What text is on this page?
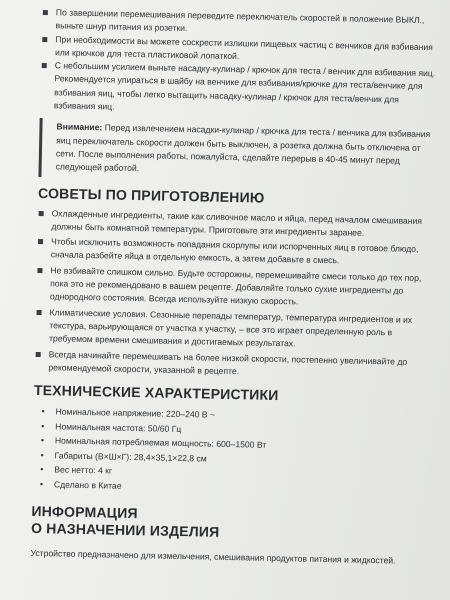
По завершении перемешивания переведите переключатель скоростей в положение ВЫКЛ., выньте шнур питания из розетки.
При необходимости вы можете соскрести излишки пищевых частиц с венчиков для взбивания или крючков для теста пластиковой лопаткой.
С небольшим усилием выньте насадку-кулинар / крючок для теста / венчик для взбивания яиц. Рекомендуется упираться в шайбу на венчике для взбивания/крючке для теста/венчике для взбивания яиц, чтобы легко вытащить насадку-кулинар / крючок для теста/венчик для взбивания яиц.
Внимание: Перед извлечением насадки-кулинар / крючка для теста / венчика для взбивания яиц переключатель скорости должен быть выключен, а розетка должна быть отключена от сети. После выполнения работы, пожалуйста, сделайте перерыв в 40-45 минут перед следующей работой.
СОВЕТЫ ПО ПРИГОТОВЛЕНИЮ
Охлажденные ингредиенты, такие как сливочное масло и яйца, перед началом смешивания должны быть комнатной температуры. Приготовьте эти ингредиенты заранее.
Чтобы исключить возможность попадания скорлупы или испорченных яиц в готовое блюдо, сначала разбейте яйца в отдельную емкость, а затем добавьте в смесь.
Не взбивайте слишком сильно. Будьте осторожны, перемешивайте смеси только до тех пор, пока это не рекомендовано в вашем рецепте. Добавляйте только сухие ингредиенты до однородного состояния. Всегда используйте низкую скорость.
Климатические условия. Сезонные перепады температур, температура ингредиентов и их текстура, варьирующаяся от участка к участку, – все это играет определенную роль в требуемом времени смешивания и достигаемых результатах.
Всегда начинайте перемешивать на более низкой скорости, постепенно увеличивайте до рекомендуемой скорости, указанной в рецепте.
ТЕХНИЧЕСКИЕ ХАРАКТЕРИСТИКИ
• Номинальное напряжение: 220–240 В ~
• Номинальная частота: 50/60 Гц
• Номинальная потребляемая мощность: 600–1500 Вт
• Габариты (В×Ш×Г): 28,4×35,1×22,8 см
• Вес нетто: 4 кг
• Сделано в Китае
ИНФОРМАЦИЯ
О НАЗНАЧЕНИИ ИЗДЕЛИЯ
Устройство предназначено для измельчения, смешивания продуктов питания и жидкостей.
